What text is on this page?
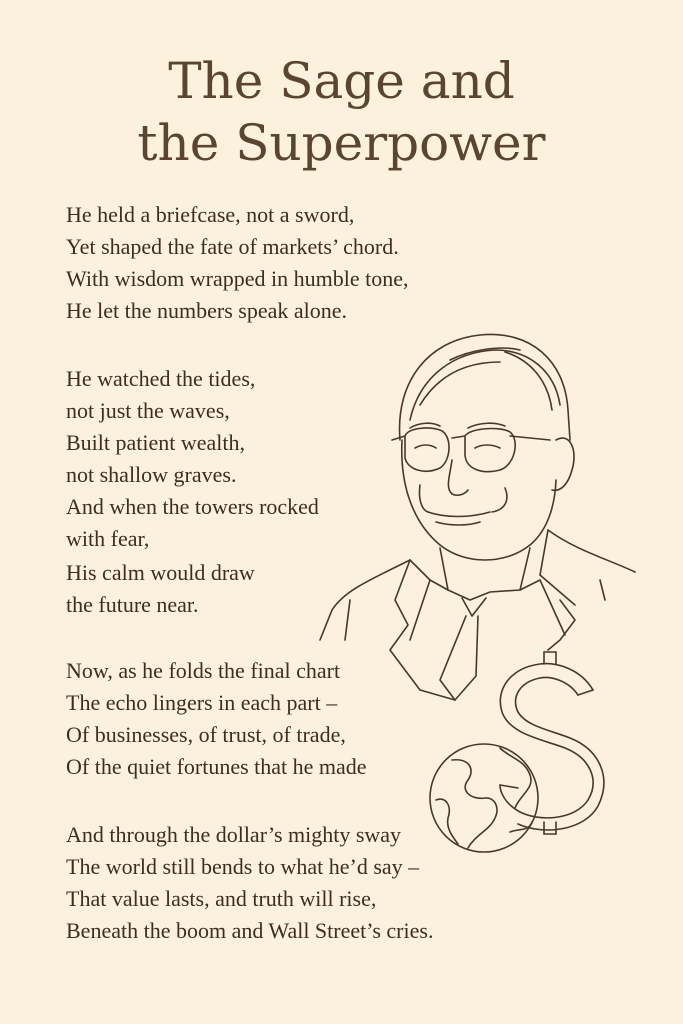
The Sage and
the Superpower

He held a briefcase, not a sword,

Yet shaped the fate of markets’ chord.

With wisdom wrapped in humble tone,

He let the numbers speak alone.

He watched the tides,

not just the waves,

Built patient wealth,

not shallow graves.

And when the towers rocked

with fear,

His calm would draw

the future near.

Now, as he folds the final chart

The echo lingers in each part –

Of businesses, of trust, of trade,

Of the quiet fortunes that he made

And through the dollar’s mighty sway

The world still bends to what he’d say –

That value lasts, and truth will rise,

Beneath the boom and Wall Street’s cries.
